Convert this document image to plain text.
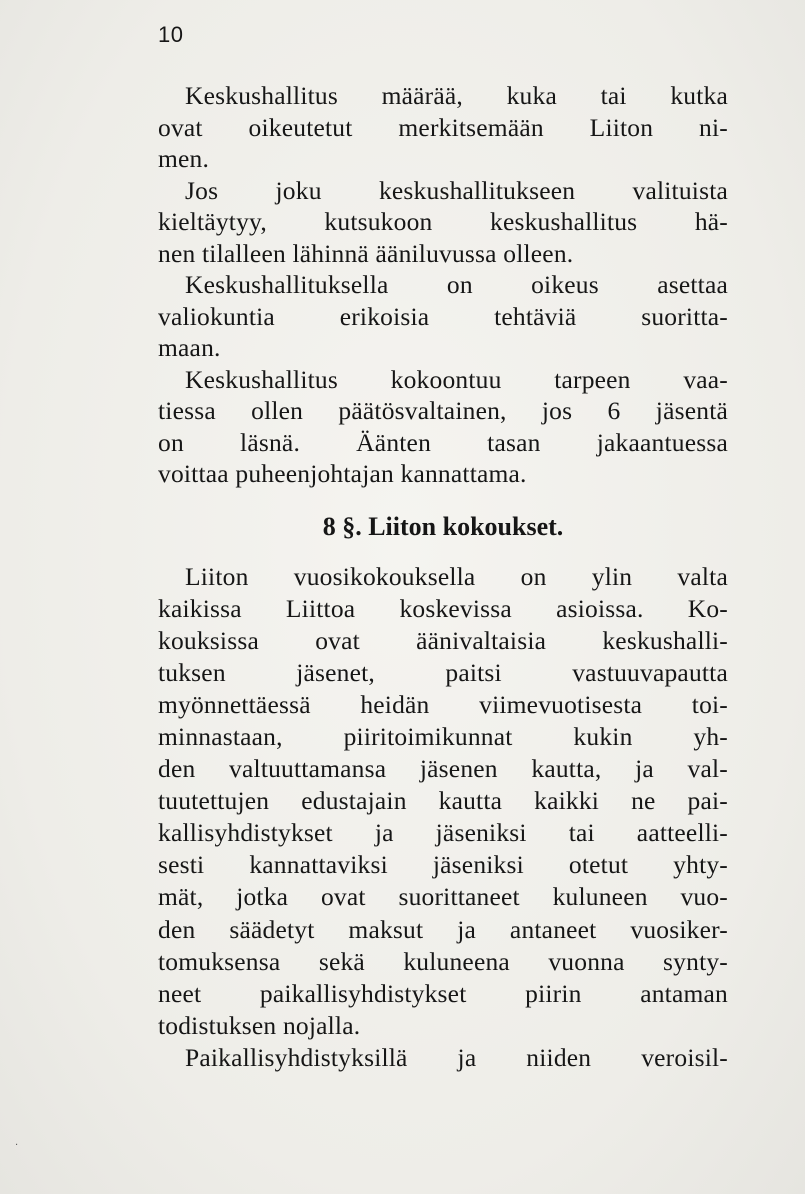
10
Keskushallitus määrää, kuka tai kutka
ovat oikeutetut merkitsemään Liiton ni-
men.
Jos joku keskushallitukseen valituista
kieltäytyy, kutsukoon keskushallitus hä-
nen tilalleen lähinnä ääniluvussa olleen.
Keskushallituksella on oikeus asettaa
valiokuntia erikoisia tehtäviä suoritta-
maan.
Keskushallitus kokoontuu tarpeen vaa-
tiessa ollen päätösvaltainen, jos 6 jäsentä
on läsnä. Äänten tasan jakaantuessa
voittaa puheenjohtajan kannattama.
8 §. Liiton kokoukset.
Liiton vuosikokouksella on ylin valta
kaikissa Liittoa koskevissa asioissa. Ko-
kouksissa ovat äänivaltaisia keskushalli-
tuksen jäsenet, paitsi vastuuvapautta
myönnettäessä heidän viimevuotisesta toi-
minnastaan, piiritoimikunnat kukin yh-
den valtuuttamansa jäsenen kautta, ja val-
tuutettujen edustajain kautta kaikki ne pai-
kallisyhdistykset ja jäseniksi tai aatteelli-
sesti kannattaviksi jäseniksi otetut yhty-
mät, jotka ovat suorittaneet kuluneen vuo-
den säädetyt maksut ja antaneet vuosiker-
tomuksensa sekä kuluneena vuonna synty-
neet paikallisyhdistykset piirin antaman
todistuksen nojalla.
Paikallisyhdistyksillä ja niiden veroisil-
·
